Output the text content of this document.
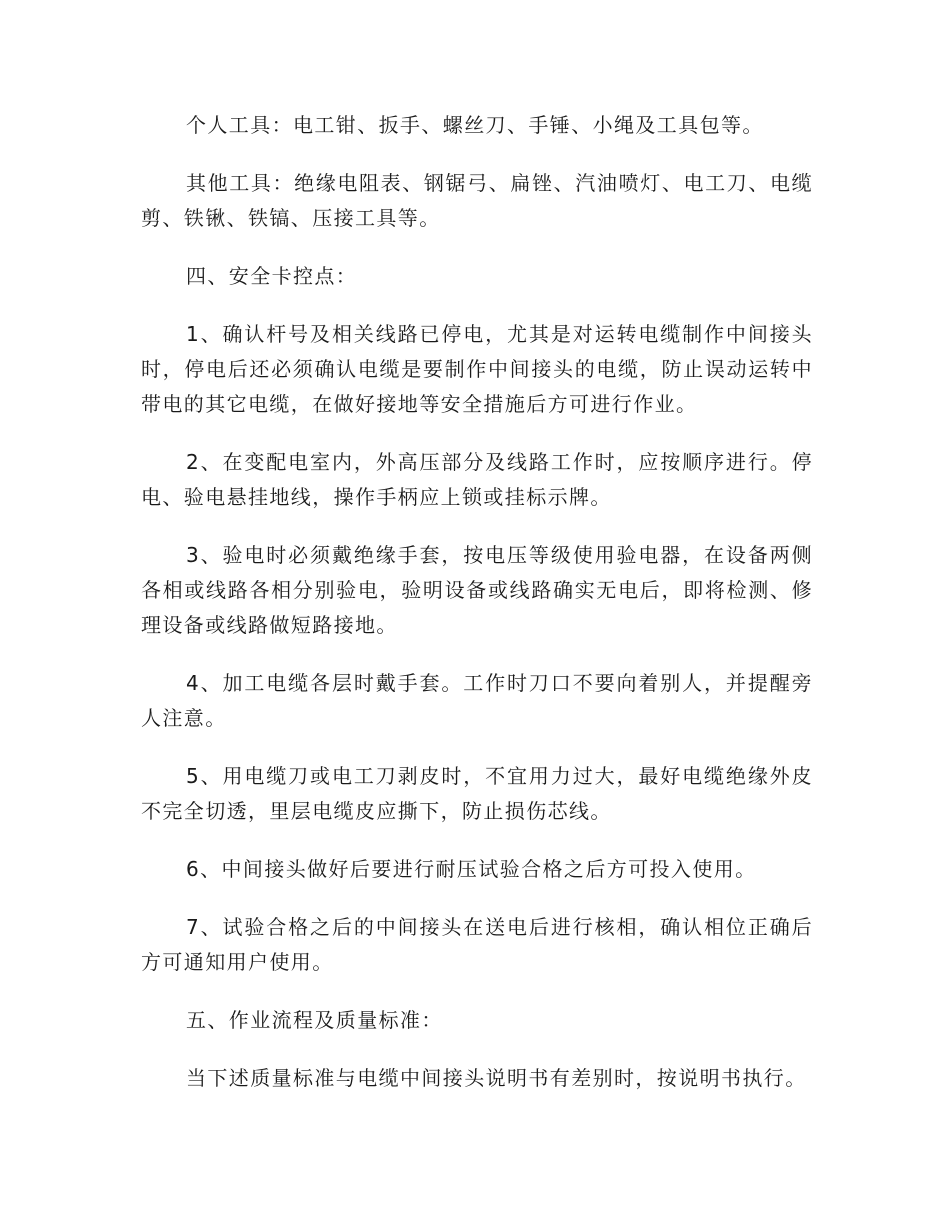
个人工具：电工钳、扳手、螺丝刀、手锤、小绳及工具包等。

其他工具：绝缘电阻表、钢锯弓、扁锉、汽油喷灯、电工刀、电缆剪、铁锹、铁镐、压接工具等。

四、安全卡控点：

1、确认杆号及相关线路已停电，尤其是对运转电缆制作中间接头时，停电后还必须确认电缆是要制作中间接头的电缆，防止误动运转中带电的其它电缆，在做好接地等安全措施后方可进行作业。

2、在变配电室内，外高压部分及线路工作时，应按顺序进行。停电、验电悬挂地线，操作手柄应上锁或挂标示牌。

3、验电时必须戴绝缘手套，按电压等级使用验电器，在设备两侧各相或线路各相分别验电，验明设备或线路确实无电后，即将检测、修理设备或线路做短路接地。

4、加工电缆各层时戴手套。工作时刀口不要向着别人，并提醒旁人注意。

5、用电缆刀或电工刀剥皮时，不宜用力过大，最好电缆绝缘外皮不完全切透，里层电缆皮应撕下，防止损伤芯线。

6、中间接头做好后要进行耐压试验合格之后方可投入使用。

7、试验合格之后的中间接头在送电后进行核相，确认相位正确后方可通知用户使用。

五、作业流程及质量标准：

当下述质量标准与电缆中间接头说明书有差别时，按说明书执行。
